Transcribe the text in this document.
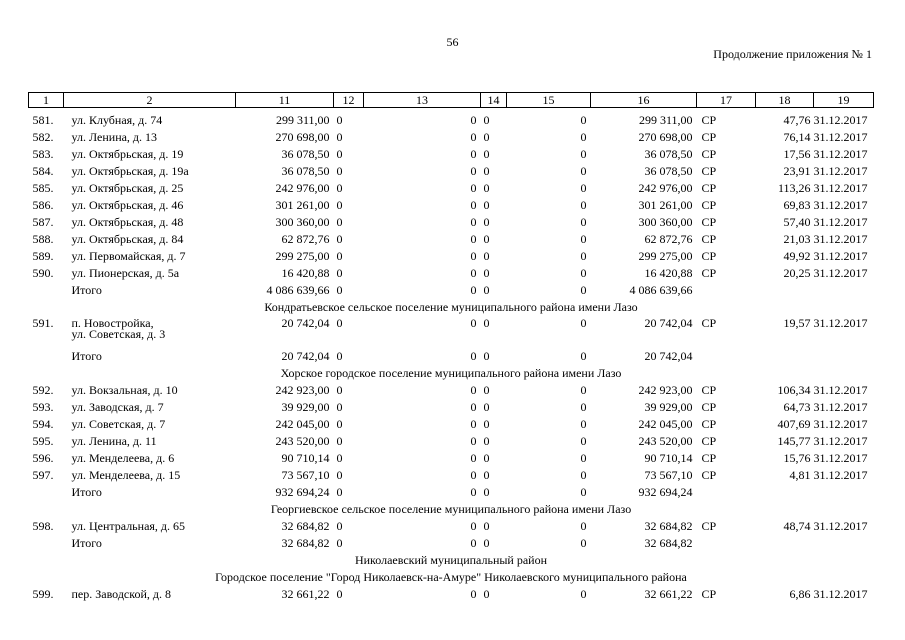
56
Продолжение приложения № 1
1	2	11	12	13	14	15	16	17	18	19
581.	ул. Клубная, д. 74	299 311,00	0	0	0	0	299 311,00	СР	47,76	31.12.2017
582.	ул. Ленина, д. 13	270 698,00	0	0	0	0	270 698,00	СР	76,14	31.12.2017
583.	ул. Октябрьская, д. 19	36 078,50	0	0	0	0	36 078,50	СР	17,56	31.12.2017
584.	ул. Октябрьская, д. 19а	36 078,50	0	0	0	0	36 078,50	СР	23,91	31.12.2017
585.	ул. Октябрьская, д. 25	242 976,00	0	0	0	0	242 976,00	СР	113,26	31.12.2017
586.	ул. Октябрьская, д. 46	301 261,00	0	0	0	0	301 261,00	СР	69,83	31.12.2017
587.	ул. Октябрьская, д. 48	300 360,00	0	0	0	0	300 360,00	СР	57,40	31.12.2017
588.	ул. Октябрьская, д. 84	62 872,76	0	0	0	0	62 872,76	СР	21,03	31.12.2017
589.	ул. Первомайская, д. 7	299 275,00	0	0	0	0	299 275,00	СР	49,92	31.12.2017
590.	ул. Пионерская, д. 5а	16 420,88	0	0	0	0	16 420,88	СР	20,25	31.12.2017
	Итого	4 086 639,66	0	0	0	0	4 086 639,66			
Кондратьевское сельское поселение муниципального района имени Лазо										
591.	п. Новостройка,
ул. Советская, д. 3	20 742,04	0	0	0	0	20 742,04	СР	19,57	31.12.2017
	Итого	20 742,04	0	0	0	0	20 742,04			
Хорское городское поселение муниципального района имени Лазо										
592.	ул. Вокзальная, д. 10	242 923,00	0	0	0	0	242 923,00	СР	106,34	31.12.2017
593.	ул. Заводская, д. 7	39 929,00	0	0	0	0	39 929,00	СР	64,73	31.12.2017
594.	ул. Советская, д. 7	242 045,00	0	0	0	0	242 045,00	СР	407,69	31.12.2017
595.	ул. Ленина, д. 11	243 520,00	0	0	0	0	243 520,00	СР	145,77	31.12.2017
596.	ул. Менделеева, д. 6	90 710,14	0	0	0	0	90 710,14	СР	15,76	31.12.2017
597.	ул. Менделеева, д. 15	73 567,10	0	0	0	0	73 567,10	СР	4,81	31.12.2017
	Итого	932 694,24	0	0	0	0	932 694,24			
Георгиевское сельское поселение муниципального района имени Лазо										
598.	ул. Центральная, д. 65	32 684,82	0	0	0	0	32 684,82	СР	48,74	31.12.2017
	Итого	32 684,82	0	0	0	0	32 684,82			
Николаевский муниципальный район										
Городское поселение "Город Николаевск-на-Амуре" Николаевского муниципального района										
599.	пер. Заводской, д. 8	32 661,22	0	0	0	0	32 661,22	СР	6,86	31.12.2017
